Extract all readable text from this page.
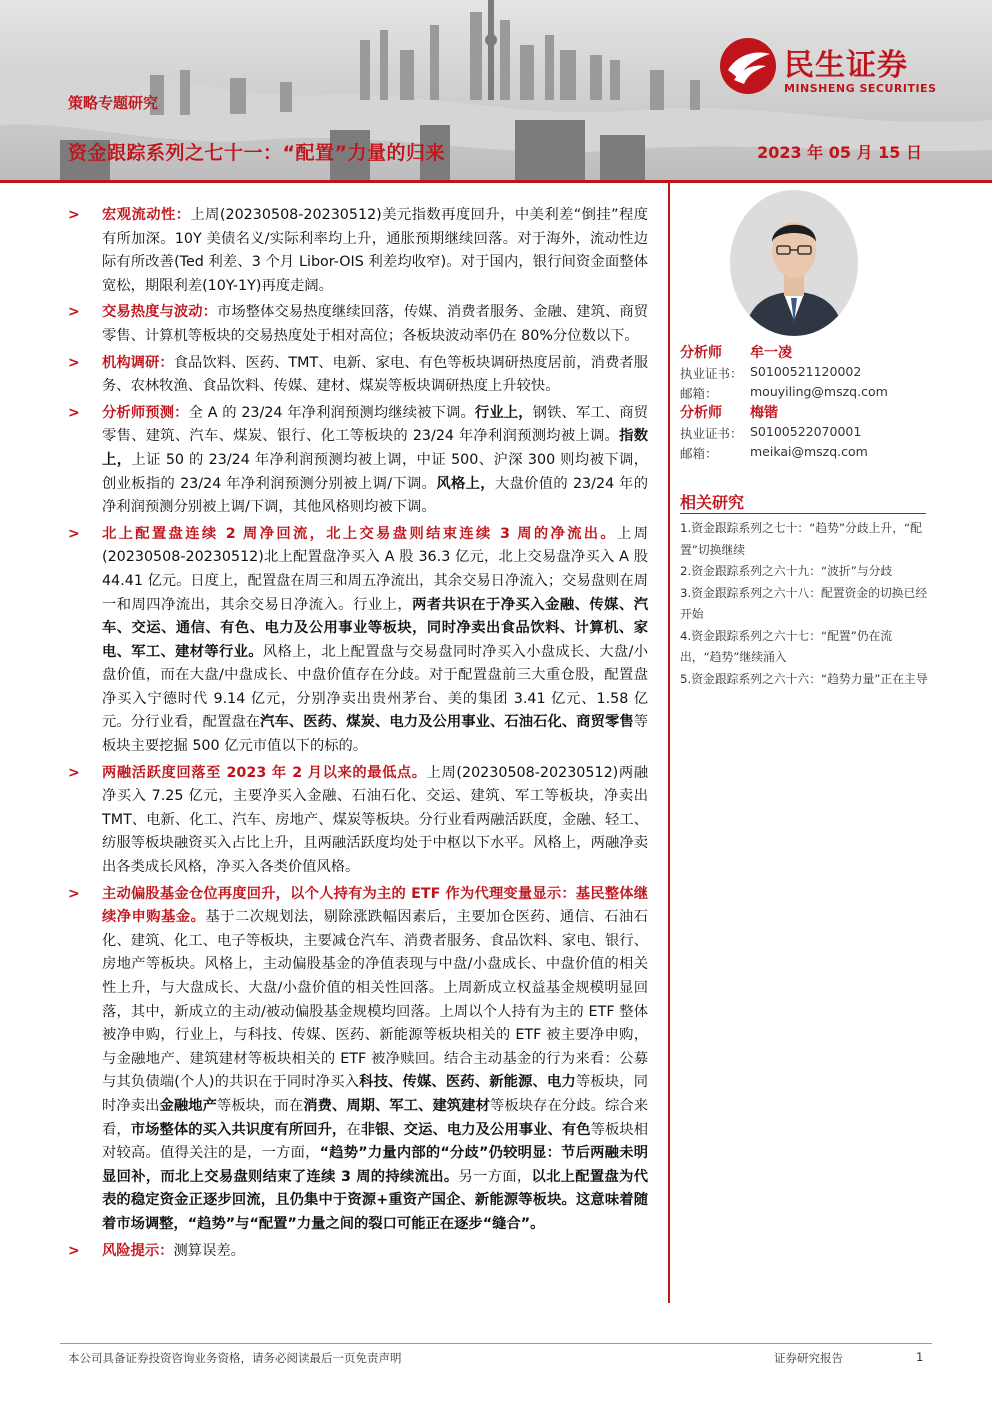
民生证券
MINSHENG SECURITIES
策略专题研究
资金跟踪系列之七十一：“配置”力量的归来	2023 年 05 月 15 日
>	宏观流动性：上周(20230508-20230512)美元指数再度回升，中美利差“倒挂”程度有所加深。10Y 美债名义/实际利率均上升，通胀预期继续回落。对于海外，流动性边际有所改善(Ted 利差、3 个月 Libor-OIS 利差均收窄)。对于国内，银行间资金面整体宽松，期限利差(10Y-1Y)再度走阔。
>	交易热度与波动：市场整体交易热度继续回落，传媒、消费者服务、金融、建筑、商贸零售、计算机等板块的交易热度处于相对高位；各板块波动率仍在 80%分位数以下。
>	机构调研：食品饮料、医药、TMT、电新、家电、有色等板块调研热度居前，消费者服务、农林牧渔、食品饮料、传媒、建材、煤炭等板块调研热度上升较快。
>	分析师预测：全 A 的 23/24 年净利润预测均继续被下调。行业上，钢铁、军工、商贸零售、建筑、汽车、煤炭、银行、化工等板块的 23/24 年净利润预测均被上调。指数上，上证 50 的 23/24 年净利润预测均被上调，中证 500、沪深 300 则均被下调，创业板指的 23/24 年净利润预测分别被上调/下调。风格上，大盘价值的 23/24 年的净利润预测分别被上调/下调，其他风格则均被下调。
>	北上配置盘连续 2 周净回流，北上交易盘则结束连续 3 周的净流出。上周(20230508-20230512)北上配置盘净买入 A 股 36.3 亿元，北上交易盘净买入 A 股 44.41 亿元。日度上，配置盘在周三和周五净流出，其余交易日净流入；交易盘则在周一和周四净流出，其余交易日净流入。行业上，两者共识在于净买入金融、传媒、汽车、交运、通信、有色、电力及公用事业等板块，同时净卖出食品饮料、计算机、家电、军工、建材等行业。风格上，北上配置盘与交易盘同时净买入小盘成长、大盘/小盘价值，而在大盘/中盘成长、中盘价值存在分歧。对于配置盘前三大重仓股，配置盘净买入宁德时代 9.14 亿元，分别净卖出贵州茅台、美的集团 3.41 亿元、1.58 亿元。分行业看，配置盘在汽车、医药、煤炭、电力及公用事业、石油石化、商贸零售等板块主要挖掘 500 亿元市值以下的标的。
>	两融活跃度回落至 2023 年 2 月以来的最低点。上周(20230508-20230512)两融净买入 7.25 亿元，主要净买入金融、石油石化、交运、建筑、军工等板块，净卖出 TMT、电新、化工、汽车、房地产、煤炭等板块。分行业看两融活跃度，金融、轻工、纺服等板块融资买入占比上升，且两融活跃度均处于中枢以下水平。风格上，两融净卖出各类成长风格，净买入各类价值风格。
>	主动偏股基金仓位再度回升，以个人持有为主的 ETF 作为代理变量显示：基民整体继续净申购基金。基于二次规划法，剔除涨跌幅因素后，主要加仓医药、通信、石油石化、建筑、化工、电子等板块，主要减仓汽车、消费者服务、食品饮料、家电、银行、房地产等板块。风格上，主动偏股基金的净值表现与中盘/小盘成长、中盘价值的相关性上升，与大盘成长、大盘/小盘价值的相关性回落。上周新成立权益基金规模明显回落，其中，新成立的主动/被动偏股基金规模均回落。上周以个人持有为主的 ETF 整体被净申购，行业上，与科技、传媒、医药、新能源等板块相关的 ETF 被主要净申购，与金融地产、建筑建材等板块相关的 ETF 被净赎回。结合主动基金的行为来看：公募与其负债端(个人)的共识在于同时净买入科技、传媒、医药、新能源、电力等板块，同时净卖出金融地产等板块，而在消费、周期、军工、建筑建材等板块存在分歧。综合来看，市场整体的买入共识度有所回升，在非银、交运、电力及公用事业、有色等板块相对较高。值得关注的是，一方面，“趋势”力量内部的“分歧”仍较明显：节后两融未明显回补，而北上交易盘则结束了连续 3 周的持续流出。另一方面，以北上配置盘为代表的稳定资金正逐步回流，且仍集中于资源+重资产国企、新能源等板块。这意味着随着市场调整，“趋势”与“配置”力量之间的裂口可能正在逐步“缝合”。
>	风险提示：测算误差。
分析师 牟一凌
执业证书： S0100521120002
邮箱：	mouyiling@mszq.com
分析师 梅锴
执业证书： S0100522070001
邮箱：	meikai@mszq.com
相关研究
1.资金跟踪系列之七十：“趋势”分歧上升，“配置”切换继续
2.资金跟踪系列之六十九：“波折”与分歧
3.资金跟踪系列之六十八：配置资金的切换已经开始
4.资金跟踪系列之六十七：“配置”仍在流出，“趋势”继续涌入
5.资金跟踪系列之六十六：“趋势力量”正在主导
本公司具备证券投资咨询业务资格，请务必阅读最后一页免责声明	证券研究报告	1
